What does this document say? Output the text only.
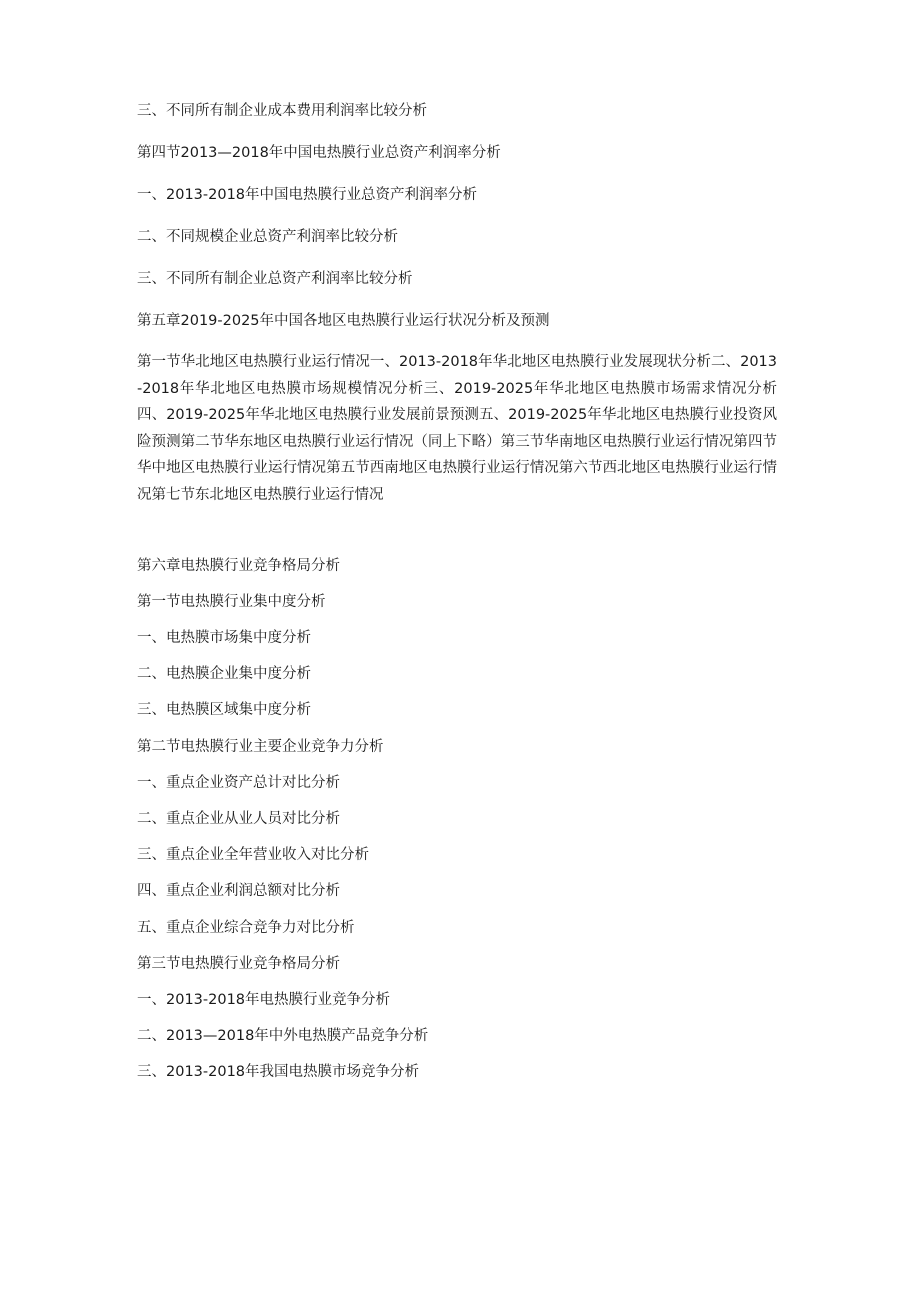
三、不同所有制企业成本费用利润率比较分析
第四节2013—2018年中国电热膜行业总资产利润率分析
一、2013-2018年中国电热膜行业总资产利润率分析
二、不同规模企业总资产利润率比较分析
三、不同所有制企业总资产利润率比较分析
第五章2019-2025年中国各地区电热膜行业运行状况分析及预测
第一节华北地区电热膜行业运行情况一、2013-2018年华北地区电热膜行业发展现状分析二、2013-2018年华北地区电热膜市场规模情况分析三、2019-2025年华北地区电热膜市场需求情况分析四、2019-2025年华北地区电热膜行业发展前景预测五、2019-2025年华北地区电热膜行业投资风险预测第二节华东地区电热膜行业运行情况（同上下略）第三节华南地区电热膜行业运行情况第四节华中地区电热膜行业运行情况第五节西南地区电热膜行业运行情况第六节西北地区电热膜行业运行情况第七节东北地区电热膜行业运行情况
第六章电热膜行业竞争格局分析
第一节电热膜行业集中度分析
一、电热膜市场集中度分析
二、电热膜企业集中度分析
三、电热膜区域集中度分析
第二节电热膜行业主要企业竞争力分析
一、重点企业资产总计对比分析
二、重点企业从业人员对比分析
三、重点企业全年营业收入对比分析
四、重点企业利润总额对比分析
五、重点企业综合竞争力对比分析
第三节电热膜行业竞争格局分析
一、2013-2018年电热膜行业竞争分析
二、2013—2018年中外电热膜产品竞争分析
三、2013-2018年我国电热膜市场竞争分析
